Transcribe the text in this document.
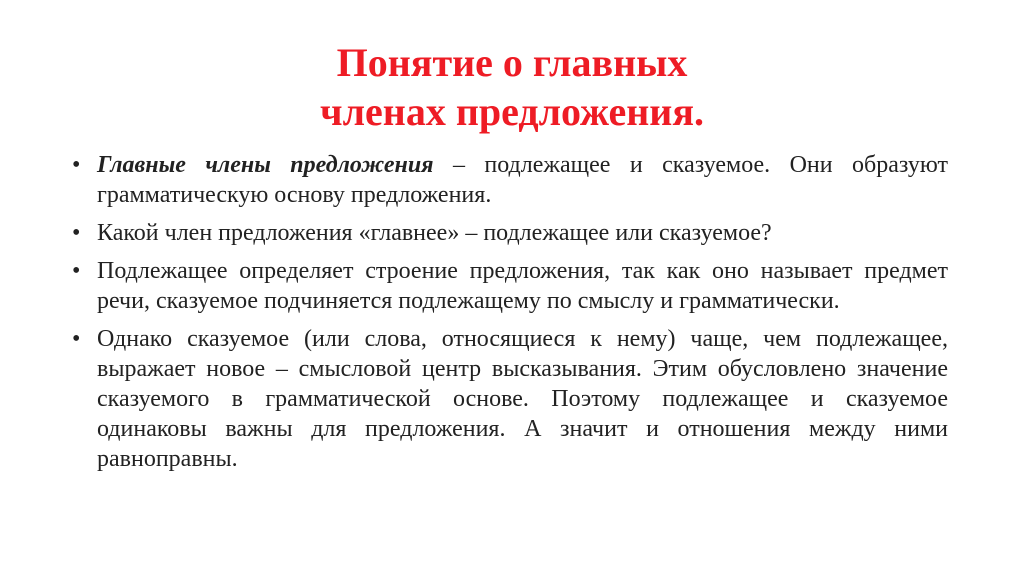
Понятие о главных
членах предложения.
• Главные члены предложения – подлежащее и сказуемое. Они образуют грамматическую основу предложения.
• Какой член предложения «главнее» – подлежащее или сказуемое?
• Подлежащее определяет строение предложения, так как оно называет предмет речи, сказуемое подчиняется подлежащему по смыслу и грамматически.
• Однако сказуемое (или слова, относящиеся к нему) чаще, чем подлежащее, выражает новое – смысловой центр высказывания. Этим обусловлено значение сказуемого в грамматической основе. Поэтому подлежащее и сказуемое одинаковы важны для предложения. А значит и отношения между ними равноправны.
